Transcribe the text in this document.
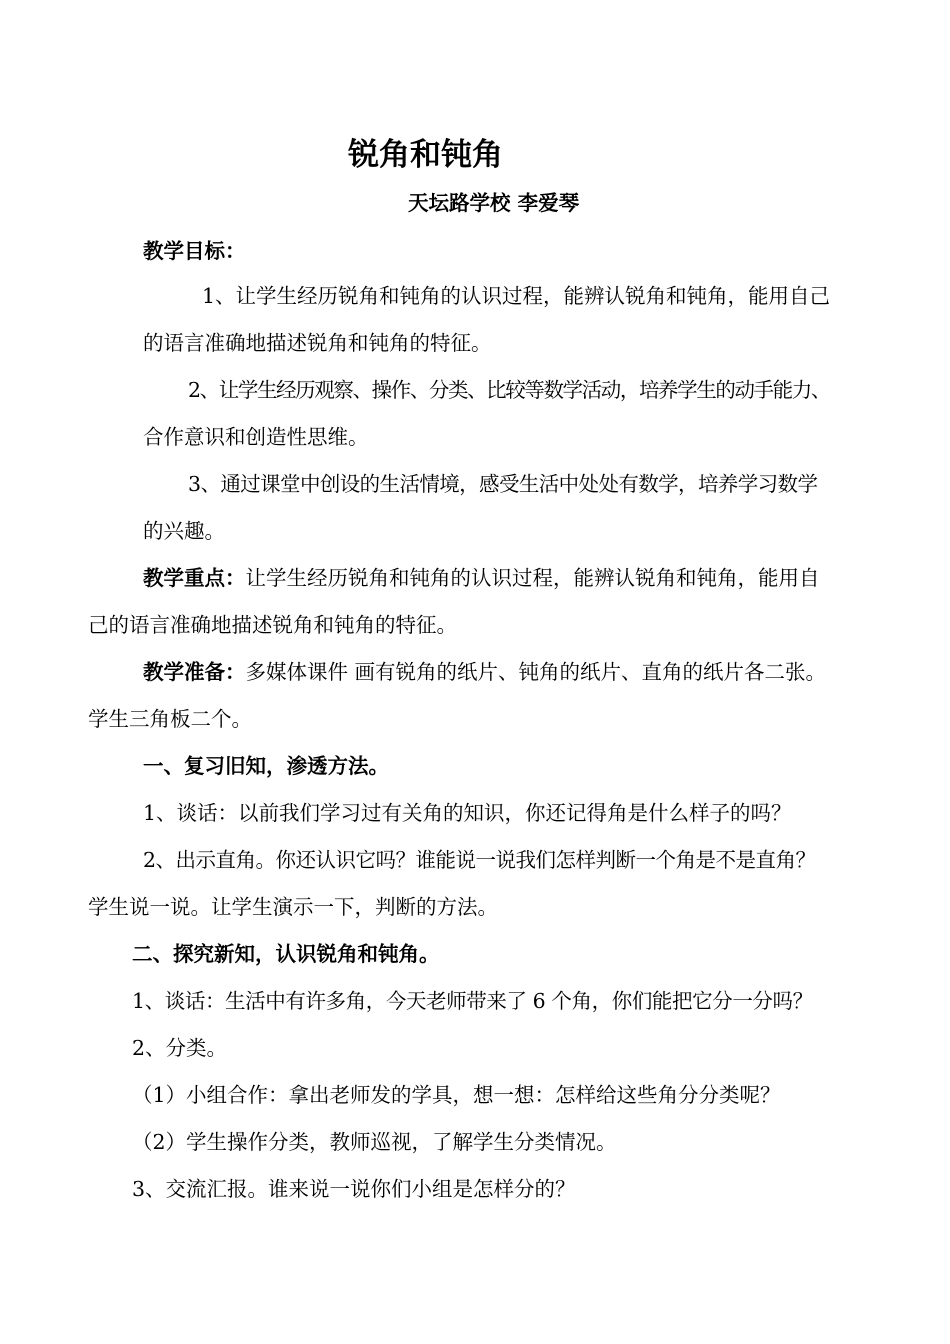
锐角和钝角
天坛路学校 李爱琴
教学目标：
1、让学生经历锐角和钝角的认识过程，能辨认锐角和钝角，能用自己
的语言准确地描述锐角和钝角的特征。
2、让学生经历观察、操作、分类、比较等数学活动，培养学生的动手能力、
合作意识和创造性思维。
3、通过课堂中创设的生活情境，感受生活中处处有数学，培养学习数学
的兴趣。
教学重点：让学生经历锐角和钝角的认识过程，能辨认锐角和钝角，能用自
己的语言准确地描述锐角和钝角的特征。
教学准备：多媒体课件 画有锐角的纸片、钝角的纸片、直角的纸片各二张。
学生三角板二个。
一、复习旧知，渗透方法。
1、谈话：以前我们学习过有关角的知识，你还记得角是什么样子的吗？
2、出示直角。你还认识它吗？谁能说一说我们怎样判断一个角是不是直角？
学生说一说。让学生演示一下，判断的方法。
二、探究新知，认识锐角和钝角。
1、谈话：生活中有许多角，今天老师带来了 6 个角，你们能把它分一分吗？
2、分类。
（1）小组合作：拿出老师发的学具，想一想：怎样给这些角分分类呢？
（2）学生操作分类，教师巡视，了解学生分类情况。
3、交流汇报。谁来说一说你们小组是怎样分的？
